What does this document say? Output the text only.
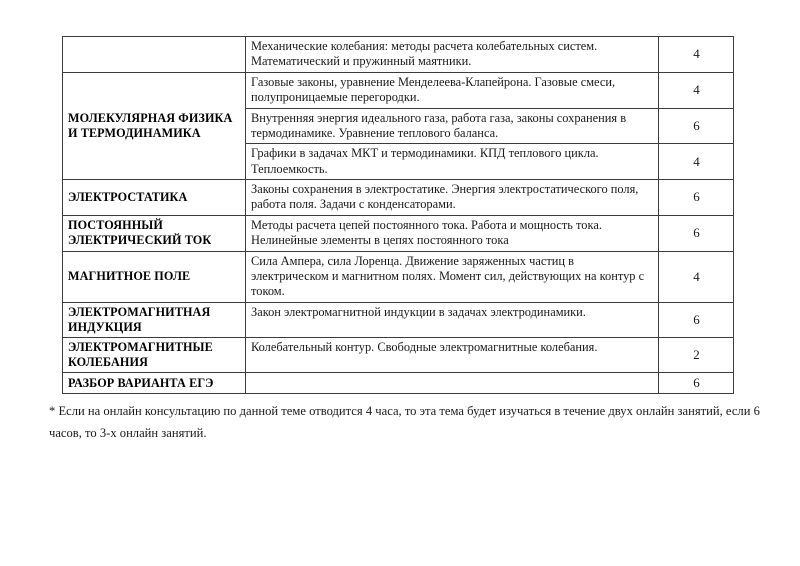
	Механические колебания: методы расчета колебательных систем. Математический и пружинный маятники.	4
МОЛЕКУЛЯРНАЯ ФИЗИКА И ТЕРМОДИНАМИКА	Газовые законы, уравнение Менделеева-Клапейрона. Газовые смеси, полупроницаемые перегородки.	4
	Внутренняя энергия идеального газа, работа газа, законы сохранения в термодинамике. Уравнение теплового баланса.	6
	Графики в задачах МКТ и термодинамики. КПД теплового цикла. Теплоемкость.	4
ЭЛЕКТРОСТАТИКА	Законы сохранения в электростатике. Энергия электростатического поля, работа поля. Задачи с конденсаторами.	6
ПОСТОЯННЫЙ ЭЛЕКТРИЧЕСКИЙ ТОК	Методы расчета цепей постоянного тока. Работа и мощность тока. Нелинейные элементы в цепях постоянного тока	6
МАГНИТНОЕ ПОЛЕ	Сила Ампера, сила Лоренца. Движение заряженных частиц в электрическом и магнитном полях. Момент сил, действующих на контур с током.	4
ЭЛЕКТРОМАГНИТНАЯ ИНДУКЦИЯ	Закон электромагнитной индукции в задачах электродинамики.	6
ЭЛЕКТРОМАГНИТНЫЕ КОЛЕБАНИЯ	Колебательный контур. Свободные электромагнитные колебания.	2
РАЗБОР ВАРИАНТА ЕГЭ		6

* Если на онлайн консультацию по данной теме отводится 4 часа, то эта тема будет изучаться в течение двух онлайн занятий, если 6 часов, то 3-х онлайн занятий.
